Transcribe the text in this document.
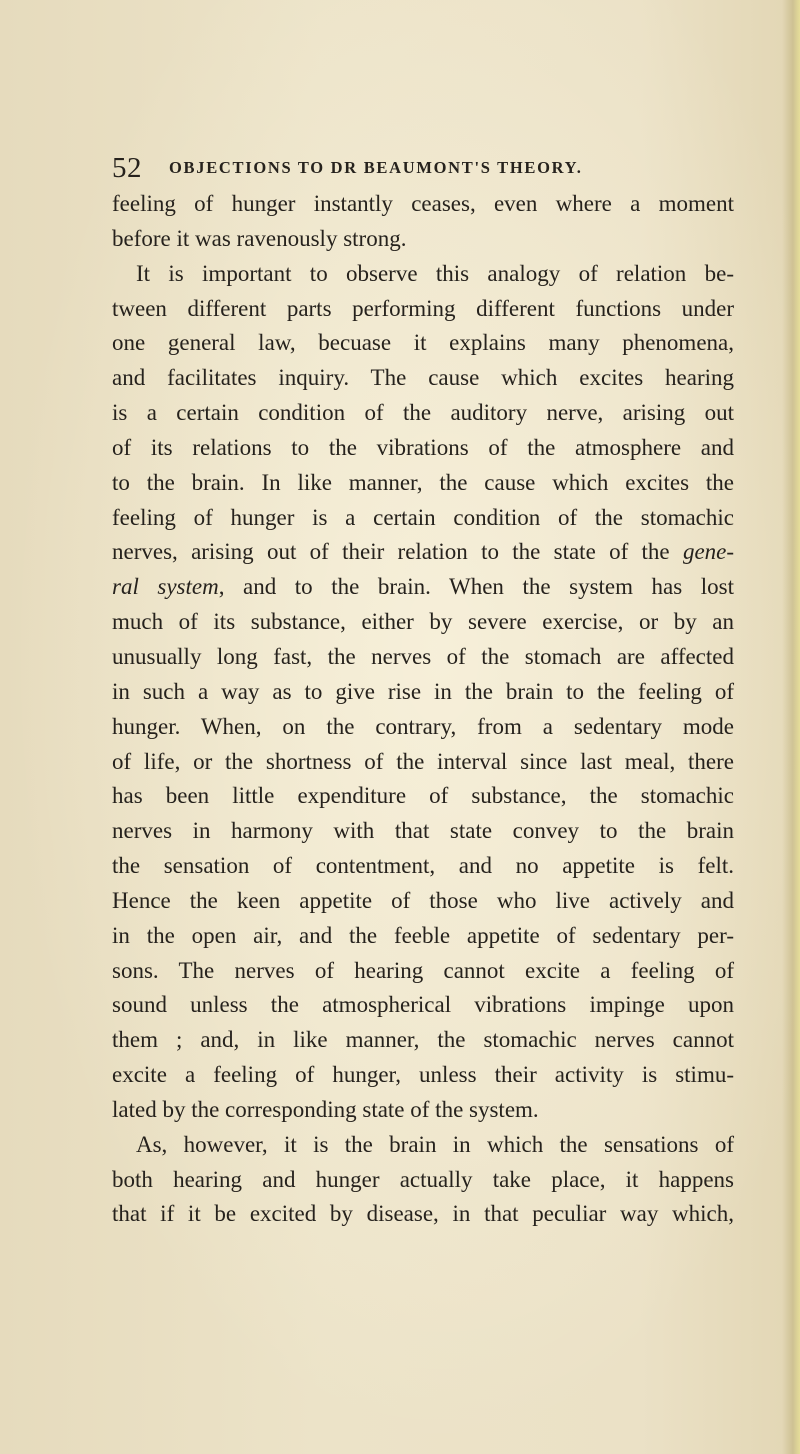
52 OBJECTIONS TO DR BEAUMONT'S THEORY.
feeling of hunger instantly ceases, even where a moment
before it was ravenously strong.
It is important to observe this analogy of relation be-
tween different parts performing different functions under
one general law, becuase it explains many phenomena,
and facilitates inquiry. The cause which excites hearing
is a certain condition of the auditory nerve, arising out
of its relations to the vibrations of the atmosphere and
to the brain. In like manner, the cause which excites the
feeling of hunger is a certain condition of the stomachic
nerves, arising out of their relation to the state of the gene-
ral system, and to the brain. When the system has lost
much of its substance, either by severe exercise, or by an
unusually long fast, the nerves of the stomach are affected
in such a way as to give rise in the brain to the feeling of
hunger. When, on the contrary, from a sedentary mode
of life, or the shortness of the interval since last meal, there
has been little expenditure of substance, the stomachic
nerves in harmony with that state convey to the brain
the sensation of contentment, and no appetite is felt.
Hence the keen appetite of those who live actively and
in the open air, and the feeble appetite of sedentary per-
sons. The nerves of hearing cannot excite a feeling of
sound unless the atmospherical vibrations impinge upon
them ; and, in like manner, the stomachic nerves cannot
excite a feeling of hunger, unless their activity is stimu-
lated by the corresponding state of the system.
As, however, it is the brain in which the sensations of
both hearing and hunger actually take place, it happens
that if it be excited by disease, in that peculiar way which,
